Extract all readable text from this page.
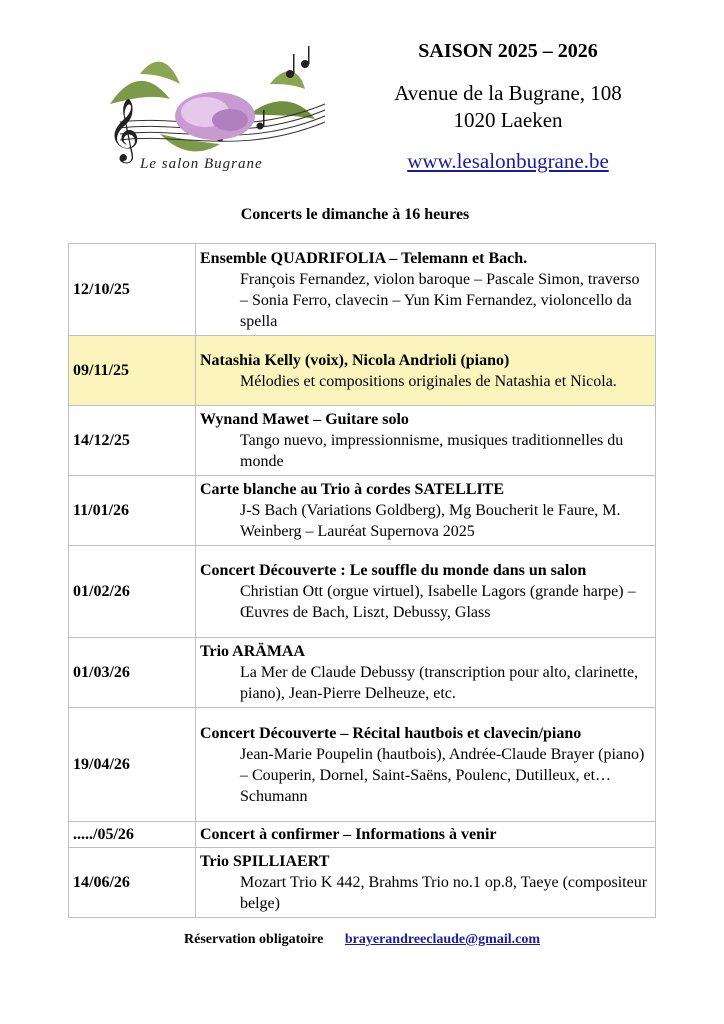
𝄞
Le salon Bugrane
SAISON 2025 – 2026
Avenue de la Bugrane, 108
1020 Laeken
www.lesalonbugrane.be
Concerts le dimanche à 16 heures
12/10/25	Ensemble QUADRIFOLIA – Telemann et Bach.
François Fernandez, violon baroque – Pascale Simon, traverso – Sonia Ferro, clavecin – Yun Kim Fernandez, violoncello da spella

09/11/25	Natashia Kelly (voix), Nicola Andrioli (piano)
Mélodies et compositions originales de Natashia et Nicola.

14/12/25	Wynand Mawet – Guitare solo
Tango nuevo, impressionnisme, musiques traditionnelles du monde

11/01/26	Carte blanche au Trio à cordes SATELLITE
J-S Bach (Variations Goldberg), Mg Boucherit le Faure, M. Weinberg – Lauréat Supernova 2025

01/02/26	Concert Découverte : Le souffle du monde dans un salon
Christian Ott (orgue virtuel), Isabelle Lagors (grande harpe) – Œuvres de Bach, Liszt, Debussy, Glass

01/03/26	Trio ARÄMAA
La Mer de Claude Debussy (transcription pour alto, clarinette, piano), Jean-Pierre Delheuze, etc.

19/04/26	Concert Découverte – Récital hautbois et clavecin/piano
Jean-Marie Poupelin (hautbois), Andrée-Claude Brayer (piano) – Couperin, Dornel, Saint-Saëns, Poulenc, Dutilleux, et… Schumann

...../05/26	Concert à confirmer – Informations à venir

14/06/26	Trio SPILLIAERT
Mozart Trio K 442, Brahms Trio no.1 op.8, Taeye (compositeur belge)
Réservation obligatoire brayerandreeclaude@gmail.com
